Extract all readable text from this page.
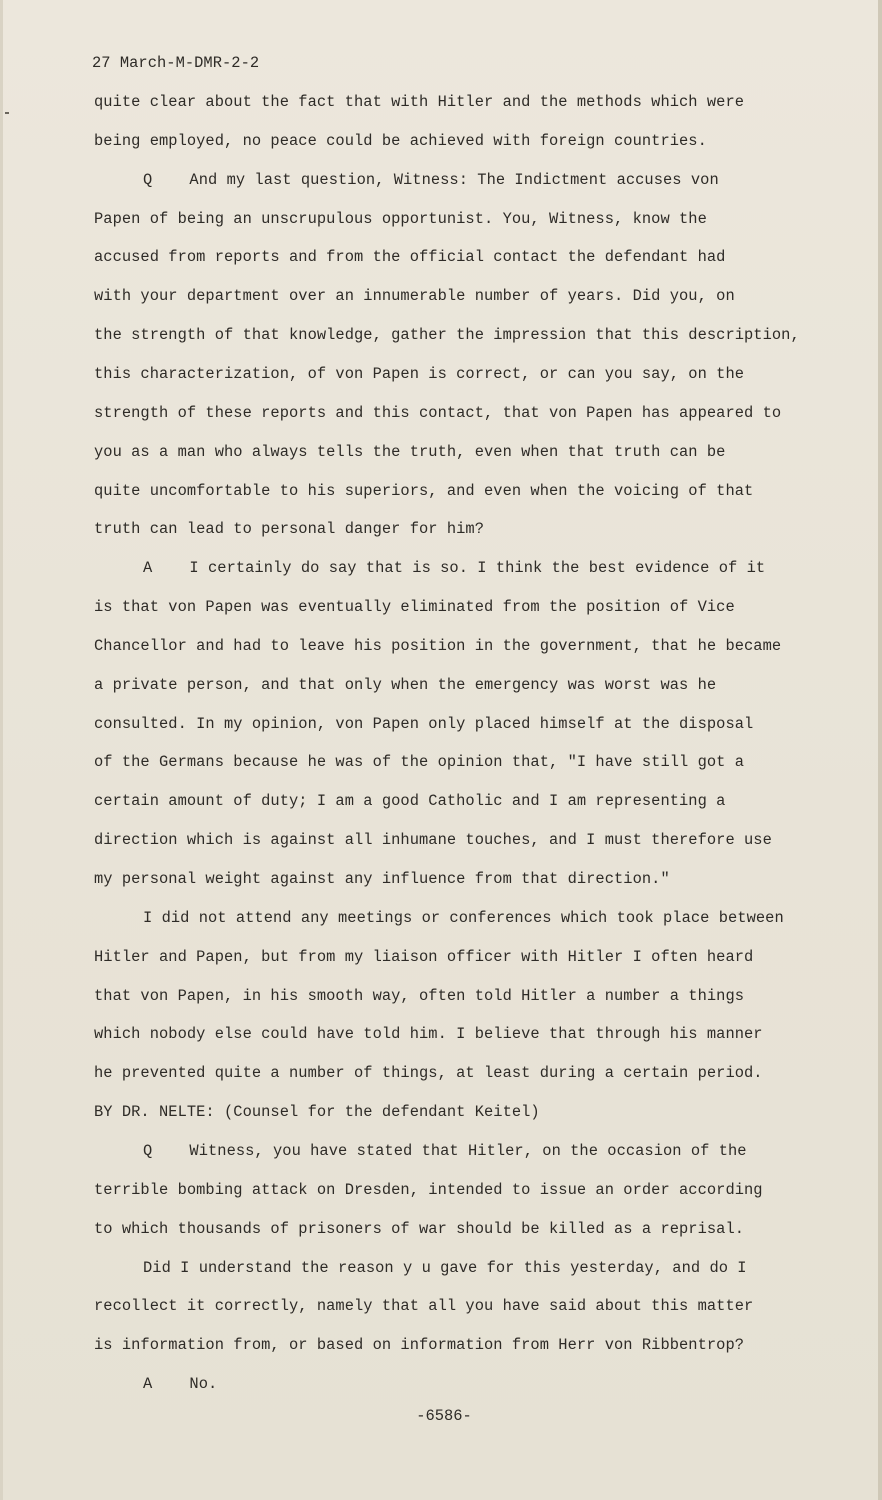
27 March-M-DMR-2-2
quite clear about the fact that with Hitler and the methods which were
being employed, no peace could be achieved with foreign countries.
Q    And my last question, Witness: The Indictment accuses von
Papen of being an unscrupulous opportunist. You, Witness, know the
accused from reports and from the official contact the defendant had
with your department over an innumerable number of years. Did you, on
the strength of that knowledge, gather the impression that this description,
this characterization, of von Papen is correct, or can you say, on the
strength of these reports and this contact, that von Papen has appeared to
you as a man who always tells the truth, even when that truth can be
quite uncomfortable to his superiors, and even when the voicing of that
truth can lead to personal danger for him?
A    I certainly do say that is so. I think the best evidence of it
is that von Papen was eventually eliminated from the position of Vice
Chancellor and had to leave his position in the government, that he became
a private person, and that only when the emergency was worst was he
consulted. In my opinion, von Papen only placed himself at the disposal
of the Germans because he was of the opinion that, "I have still got a
certain amount of duty; I am a good Catholic and I am representing a
direction which is against all inhumane touches, and I must therefore use
my personal weight against any influence from that direction."
I did not attend any meetings or conferences which took place between
Hitler and Papen, but from my liaison officer with Hitler I often heard
that von Papen, in his smooth way, often told Hitler a number a things
which nobody else could have told him. I believe that through his manner
he prevented quite a number of things, at least during a certain period.
BY DR. NELTE: (Counsel for the defendant Keitel)
Q    Witness, you have stated that Hitler, on the occasion of the
terrible bombing attack on Dresden, intended to issue an order according
to which thousands of prisoners of war should be killed as a reprisal.
Did I understand the reason y u gave for this yesterday, and do I
recollect it correctly, namely that all you have said about this matter
is information from, or based on information from Herr von Ribbentrop?
A    No.
-6586-
